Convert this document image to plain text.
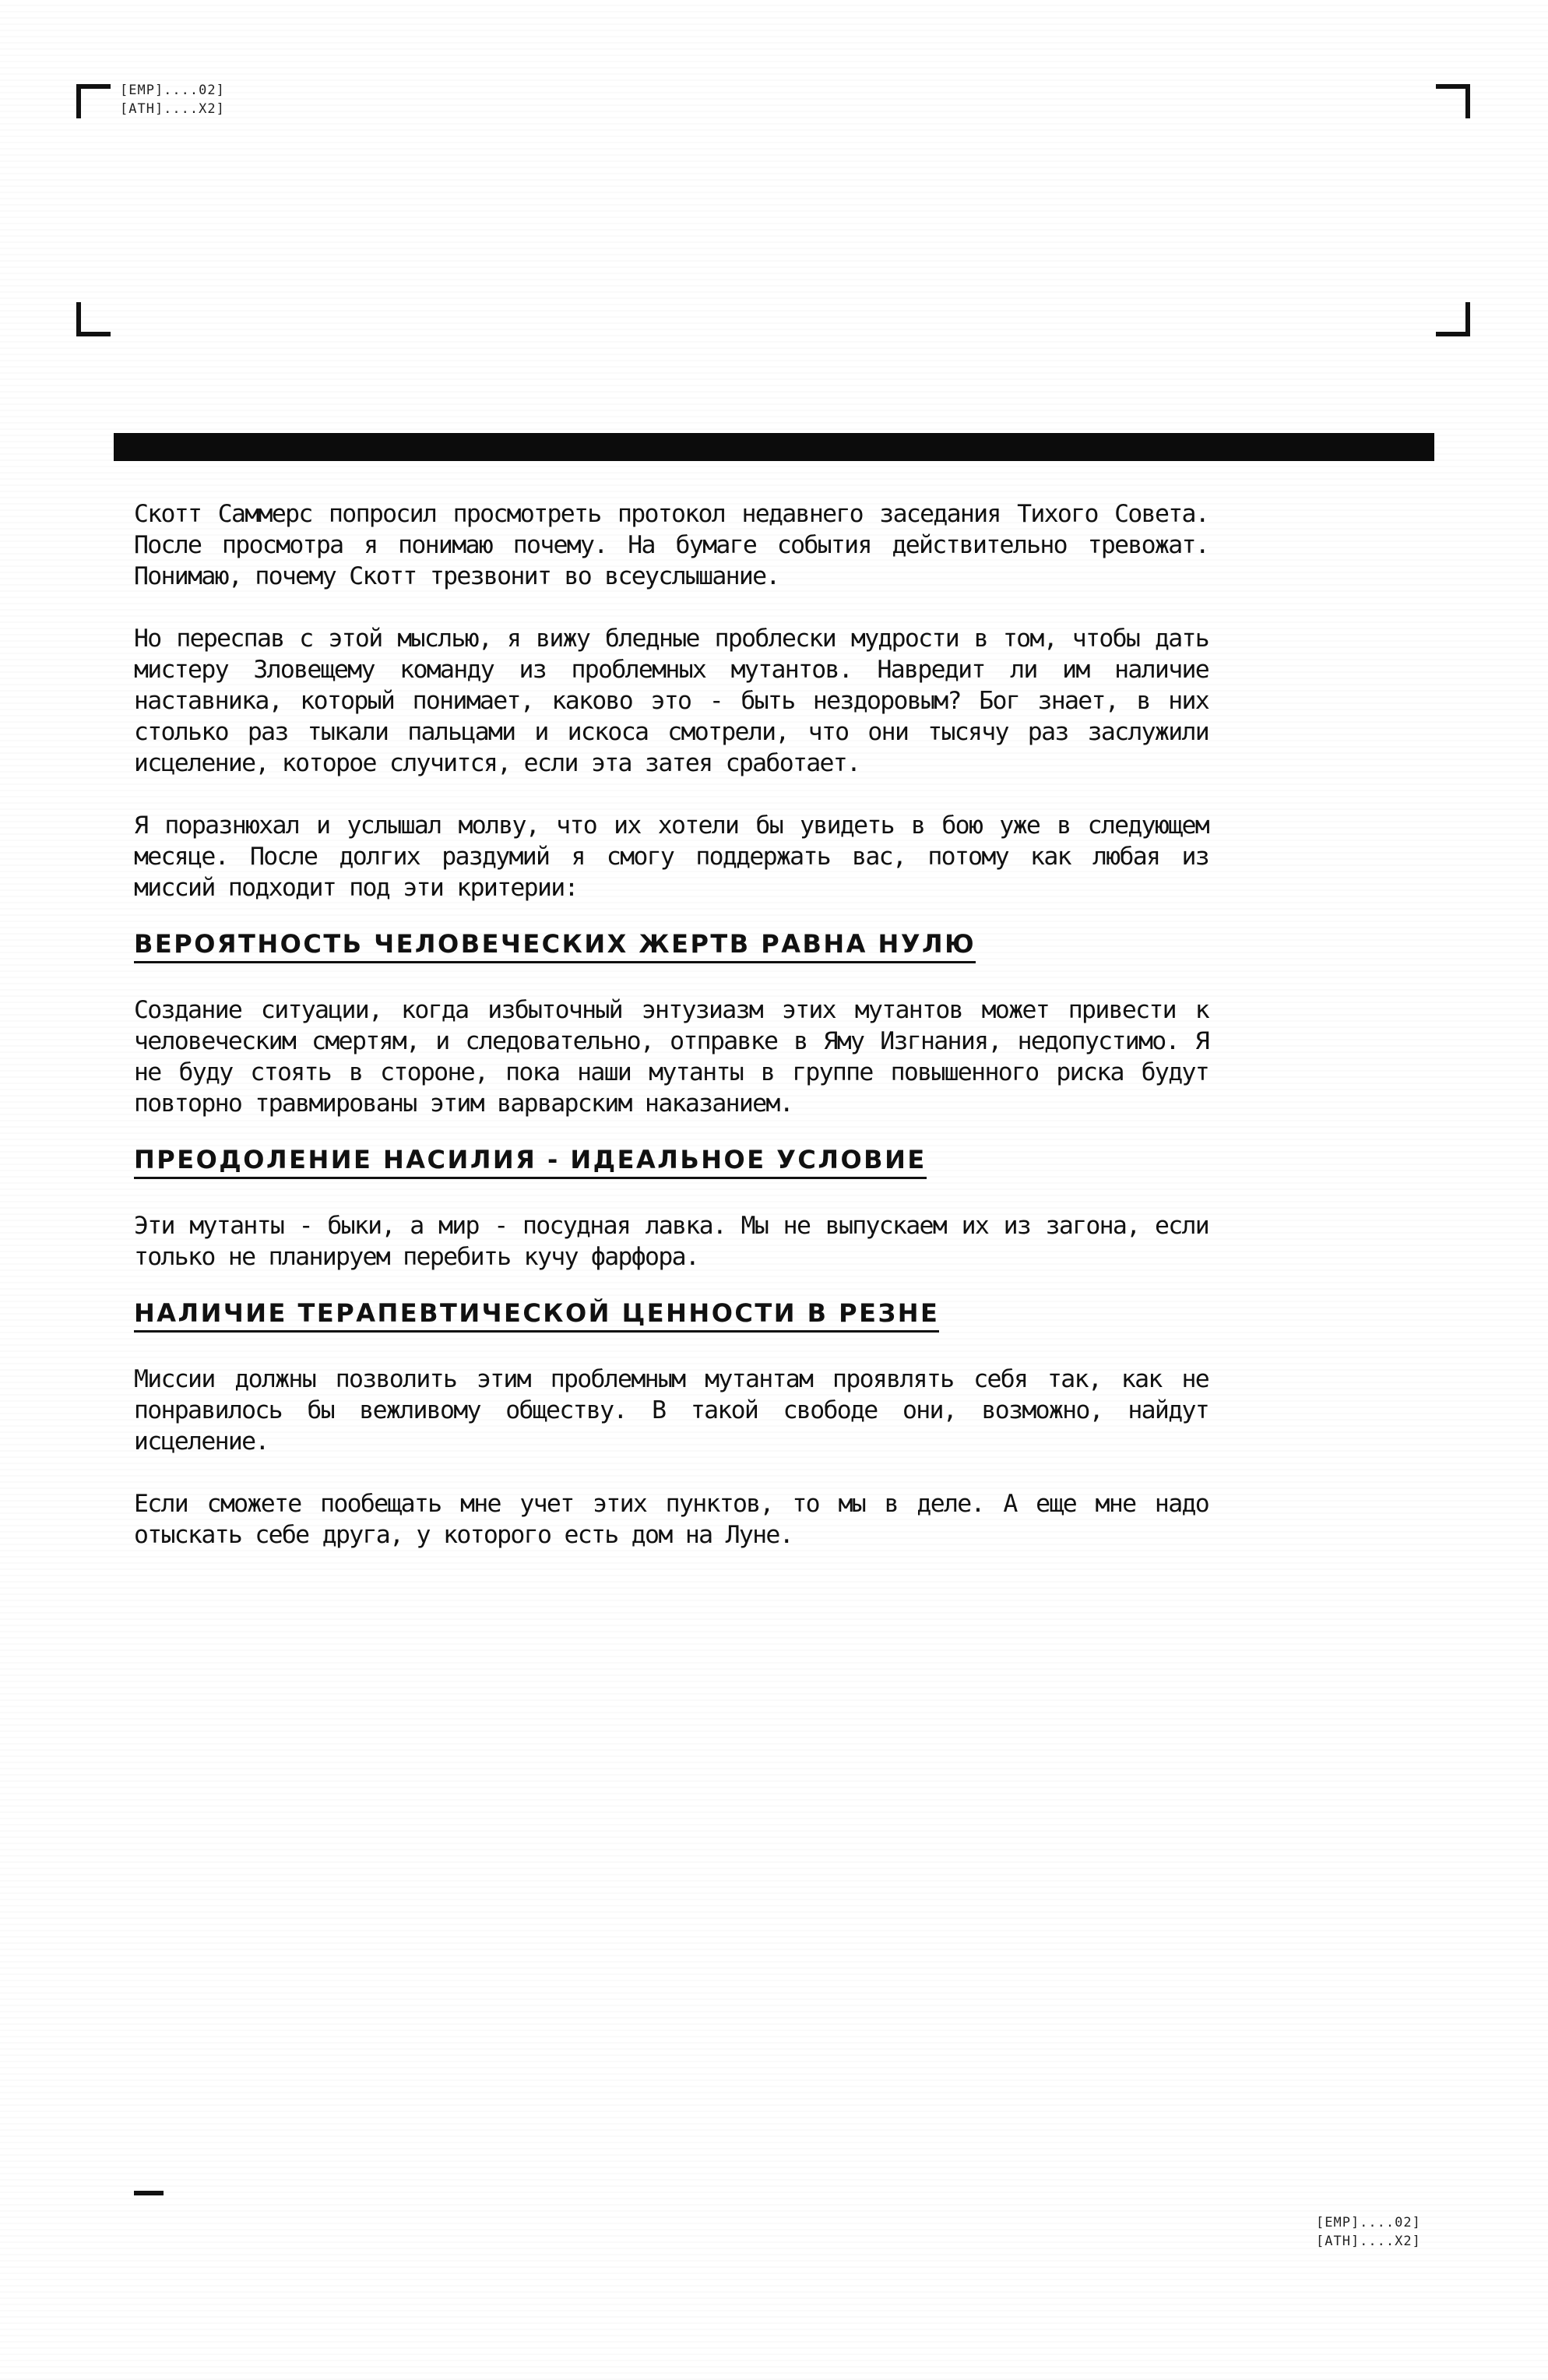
[EMP]....02]
[ATH]....X2]

Скотт Саммерс попросил просмотреть протокол недавнего заседания Тихого Совета. После просмотра я понимаю почему. На бумаге события действительно тревожат. Понимаю, почему Скотт трезвонит во всеуслышание.

Но переспав с этой мыслью, я вижу бледные проблески мудрости в том, чтобы дать мистеру Зловещему команду из проблемных мутантов. Навредит ли им наличие наставника, который понимает, каково это - быть нездоровым? Бог знает, в них столько раз тыкали пальцами и искоса смотрели, что они тысячу раз заслужили исцеление, которое случится, если эта затея сработает.

Я поразнюхал и услышал молву, что их хотели бы увидеть в бою уже в следующем месяце. После долгих раздумий я смогу поддержать вас, потому как любая из миссий подходит под эти критерии:

ВЕРОЯТНОСТЬ ЧЕЛОВЕЧЕСКИХ ЖЕРТВ РАВНА НУЛЮ

Создание ситуации, когда избыточный энтузиазм этих мутантов может привести к человеческим смертям, и следовательно, отправке в Яму Изгнания, недопустимо. Я не буду стоять в стороне, пока наши мутанты в группе повышенного риска будут повторно травмированы этим варварским наказанием.

ПРЕОДОЛЕНИЕ НАСИЛИЯ - ИДЕАЛЬНОЕ УСЛОВИЕ

Эти мутанты - быки, а мир - посудная лавка. Мы не выпускаем их из загона, если только не планируем перебить кучу фарфора.

НАЛИЧИЕ ТЕРАПЕВТИЧЕСКОЙ ЦЕННОСТИ В РЕЗНЕ

Миссии должны позволить этим проблемным мутантам проявлять себя так, как не понравилось бы вежливому обществу. В такой свободе они, возможно, найдут исцеление.

Если сможете пообещать мне учет этих пунктов, то мы в деле. А еще мне надо отыскать себе друга, у которого есть дом на Луне.

[EMP]....02]
[ATH]....X2]
